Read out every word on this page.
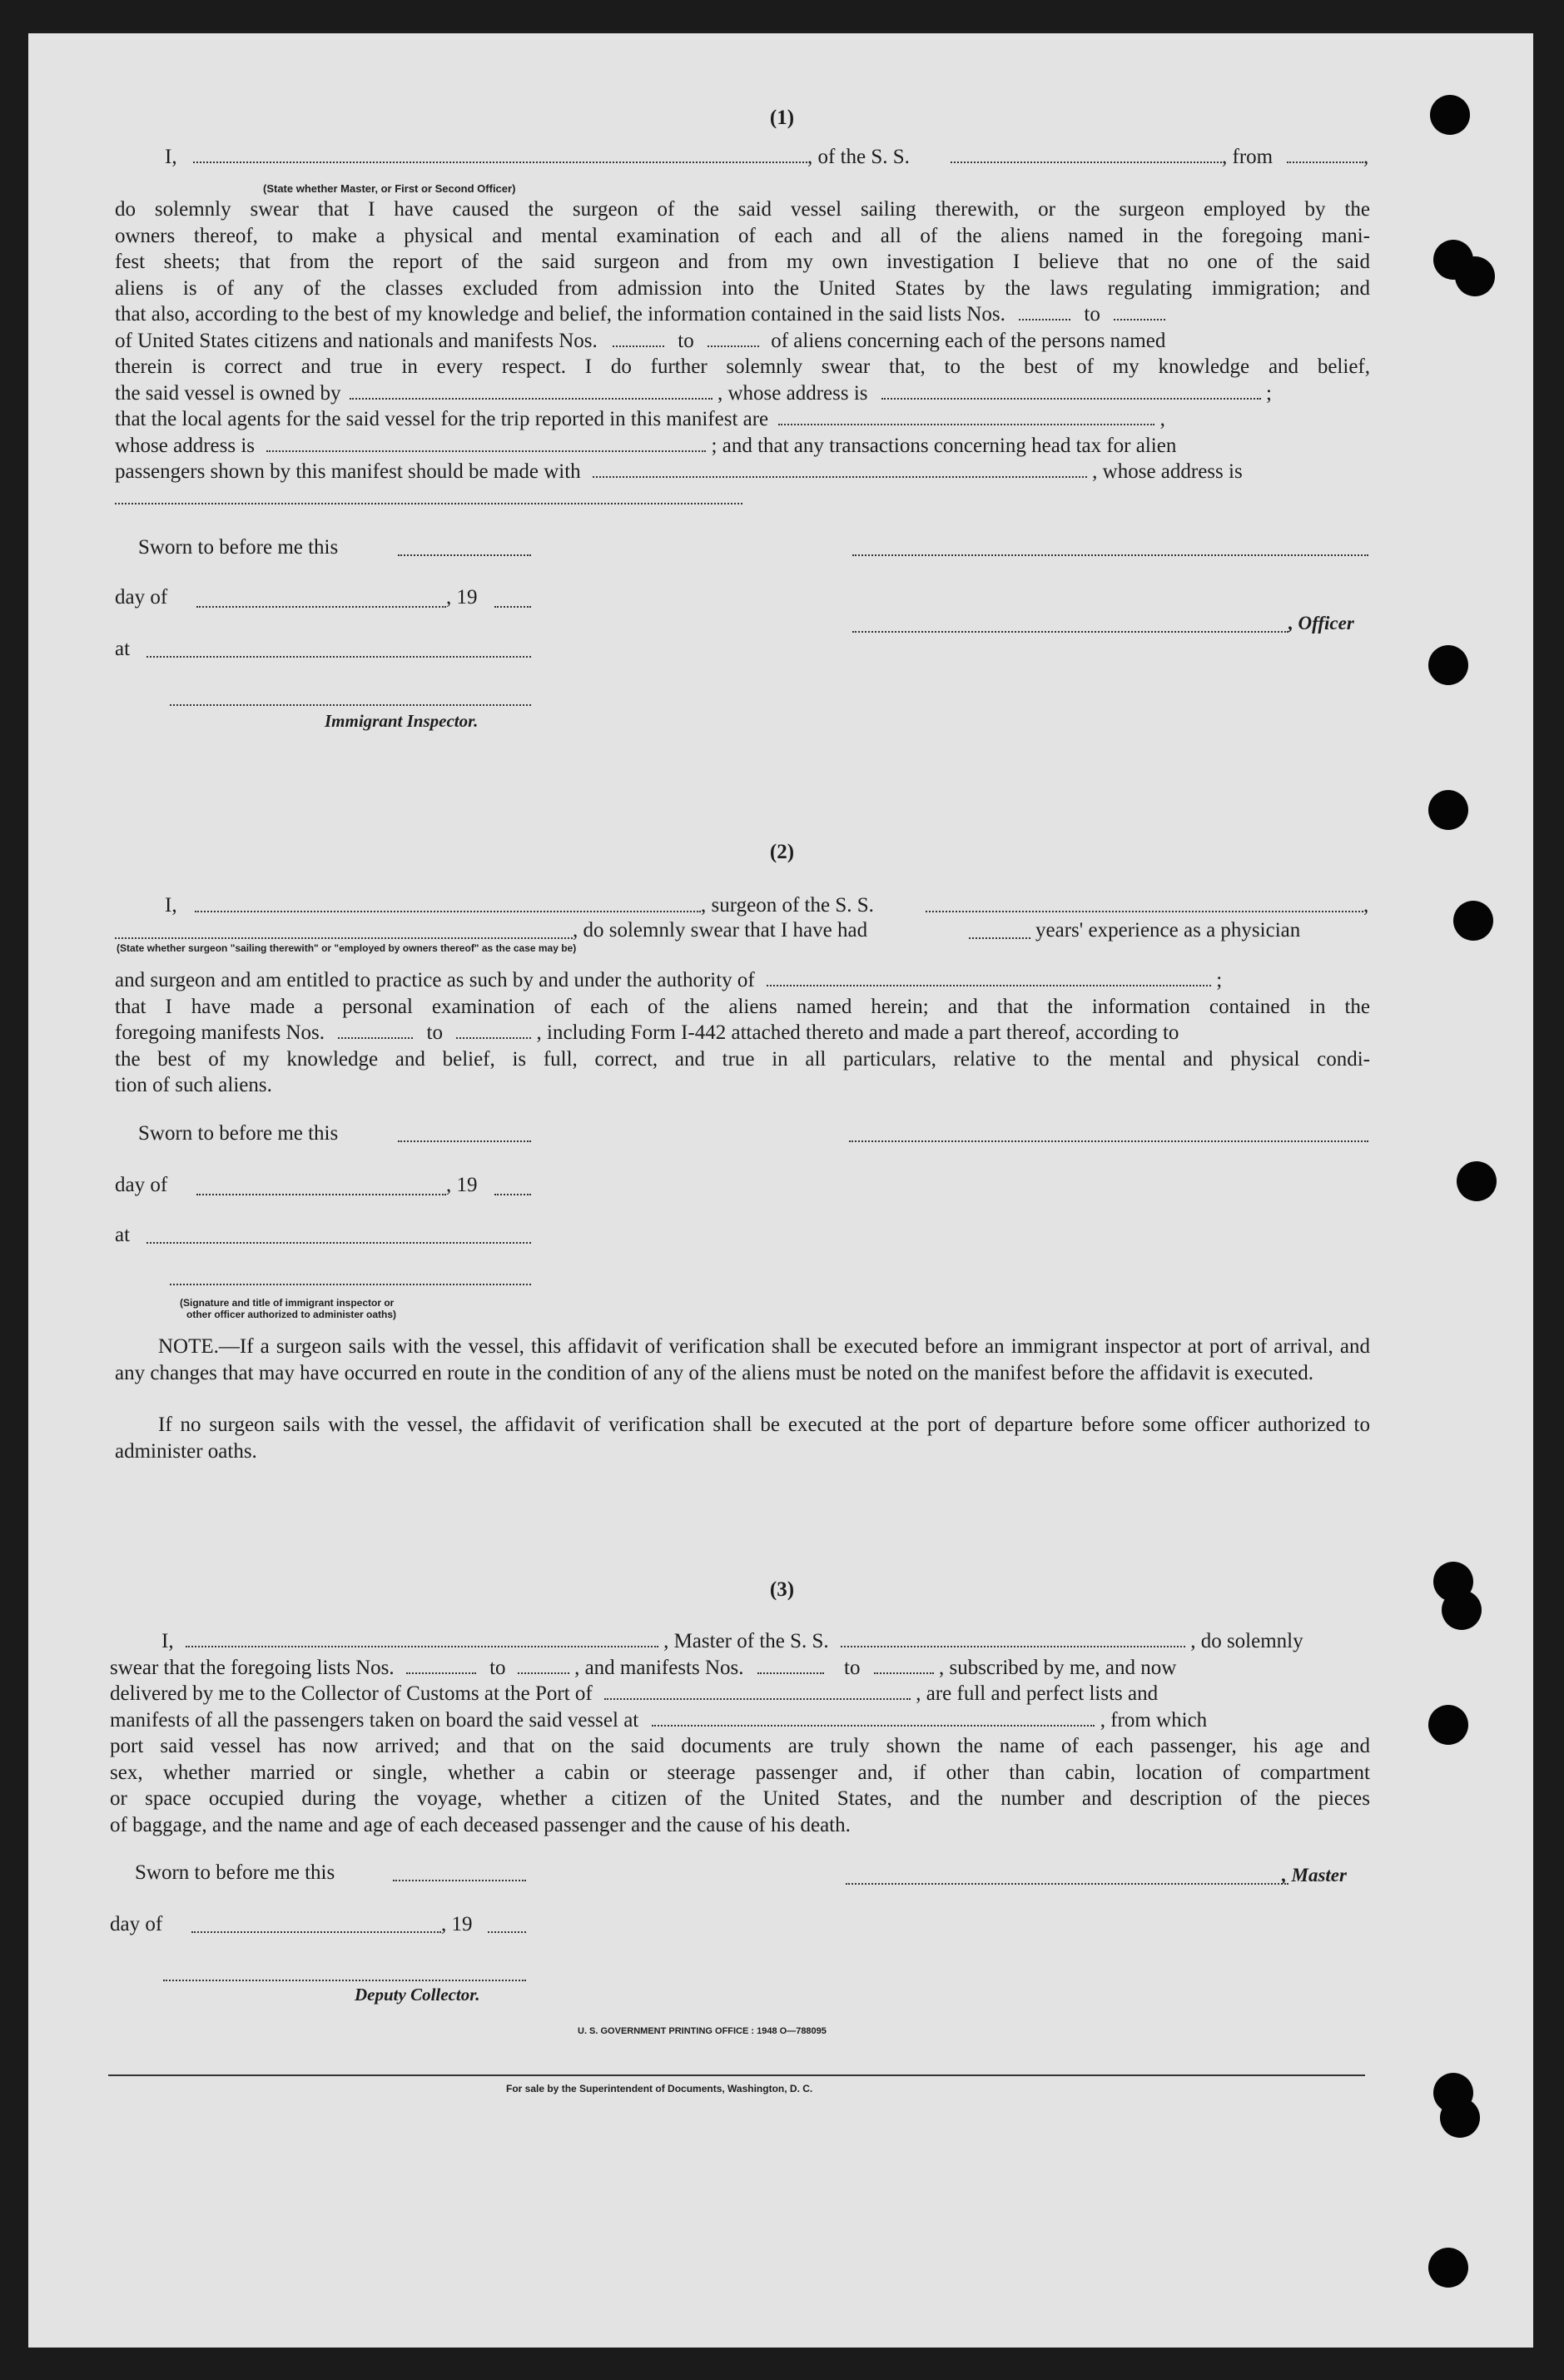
(1)
I,	, of the S. S.	, from	,
(State whether Master, or First or Second Officer)
do solemnly swear that I have caused the surgeon of the said vessel sailing therewith, or the surgeon employed by the
owners thereof, to make a physical and mental examination of each and all of the aliens named in the foregoing mani-
fest sheets; that from the report of the said surgeon and from my own investigation I believe that no one of the said
aliens is of any of the classes excluded from admission into the United States by the laws regulating immigration; and
that also, according to the best of my knowledge and belief, the information contained in the said lists Nos.	to
of United States citizens and nationals and manifests Nos.	to	of aliens concerning each of the persons named
therein is correct and true in every respect. I do further solemnly swear that, to the best of my knowledge and belief,
the said vessel is owned by	, whose address is	;
that the local agents for the said vessel for the trip reported in this manifest are	,
whose address is	; and that any transactions concerning head tax for alien
passengers shown by this manifest should be made with	, whose address is
Sworn to before me this
day of	, 19
, Officer
at
Immigrant Inspector.
(2)
I,	, surgeon of the S. S.	,
, do solemnly swear that I have had	years' experience as a physician
(State whether surgeon "sailing therewith" or "employed by owners thereof" as the case may be)
and surgeon and am entitled to practice as such by and under the authority of	;
that I have made a personal examination of each of the aliens named herein; and that the information contained in the
foregoing manifests Nos.	to	, including Form I-442 attached thereto and made a part thereof, according to
the best of my knowledge and belief, is full, correct, and true in all particulars, relative to the mental and physical condi-
tion of such aliens.
Sworn to before me this
day of	, 19
at
(Signature and title of immigrant inspector or
other officer authorized to administer oaths)
NOTE.—If a surgeon sails with the vessel, this affidavit of verification shall be executed before an immigrant inspector at port of arrival, and any changes that may have occurred en route in the condition of any of the aliens must be noted on the manifest before the affidavit is executed.
If no surgeon sails with the vessel, the affidavit of verification shall be executed at the port of departure before some officer authorized to administer oaths.
(3)
I,	, Master of the S. S.	, do solemnly
swear that the foregoing lists Nos.	to	, and manifests Nos.	to	, subscribed by me, and now
delivered by me to the Collector of Customs at the Port of	, are full and perfect lists and
manifests of all the passengers taken on board the said vessel at	, from which
port said vessel has now arrived; and that on the said documents are truly shown the name of each passenger, his age and
sex, whether married or single, whether a cabin or steerage passenger and, if other than cabin, location of compartment
or space occupied during the voyage, whether a citizen of the United States, and the number and description of the pieces
of baggage, and the name and age of each deceased passenger and the cause of his death.
Sworn to before me this	, Master
day of	, 19
Deputy Collector.
U. S. GOVERNMENT PRINTING OFFICE : 1948 O—788095
For sale by the Superintendent of Documents, Washington, D. C.
